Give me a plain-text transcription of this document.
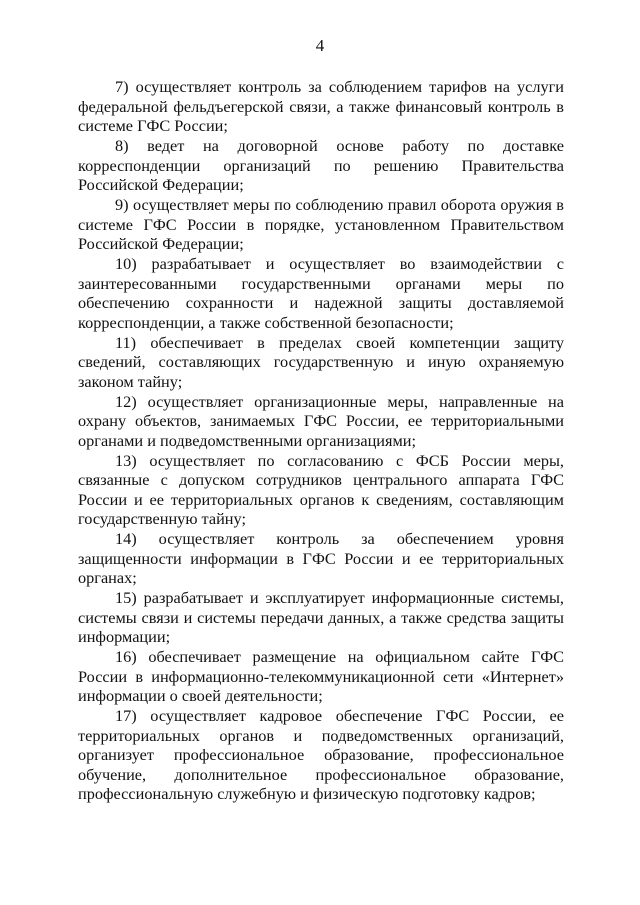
4

7) осуществляет контроль за соблюдением тарифов на услуги федеральной фельдъегерской связи, а также финансовый контроль в системе ГФС России;

8) ведет на договорной основе работу по доставке корреспонденции организаций по решению Правительства Российской Федерации;

9) осуществляет меры по соблюдению правил оборота оружия в системе ГФС России в порядке, установленном Правительством Российской Федерации;

10) разрабатывает и осуществляет во взаимодействии с заинтересованными государственными органами меры по обеспечению сохранности и надежной защиты доставляемой корреспонденции, а также собственной безопасности;

11) обеспечивает в пределах своей компетенции защиту сведений, составляющих государственную и иную охраняемую законом тайну;

12) осуществляет организационные меры, направленные на охрану объектов, занимаемых ГФС России, ее территориальными органами и подведомственными организациями;

13) осуществляет по согласованию с ФСБ России меры, связанные с допуском сотрудников центрального аппарата ГФС России и ее территориальных органов к сведениям, составляющим государственную тайну;

14) осуществляет контроль за обеспечением уровня защищенности информации в ГФС России и ее территориальных органах;

15) разрабатывает и эксплуатирует информационные системы, системы связи и системы передачи данных, а также средства защиты информации;

16) обеспечивает размещение на официальном сайте ГФС России в информационно-телекоммуникационной сети «Интернет» информации о своей деятельности;

17) осуществляет кадровое обеспечение ГФС России, ее территориальных органов и подведомственных организаций, организует профессиональное образование, профессиональное обучение, дополнительное профессиональное образование, профессиональную служебную и физическую подготовку кадров;
